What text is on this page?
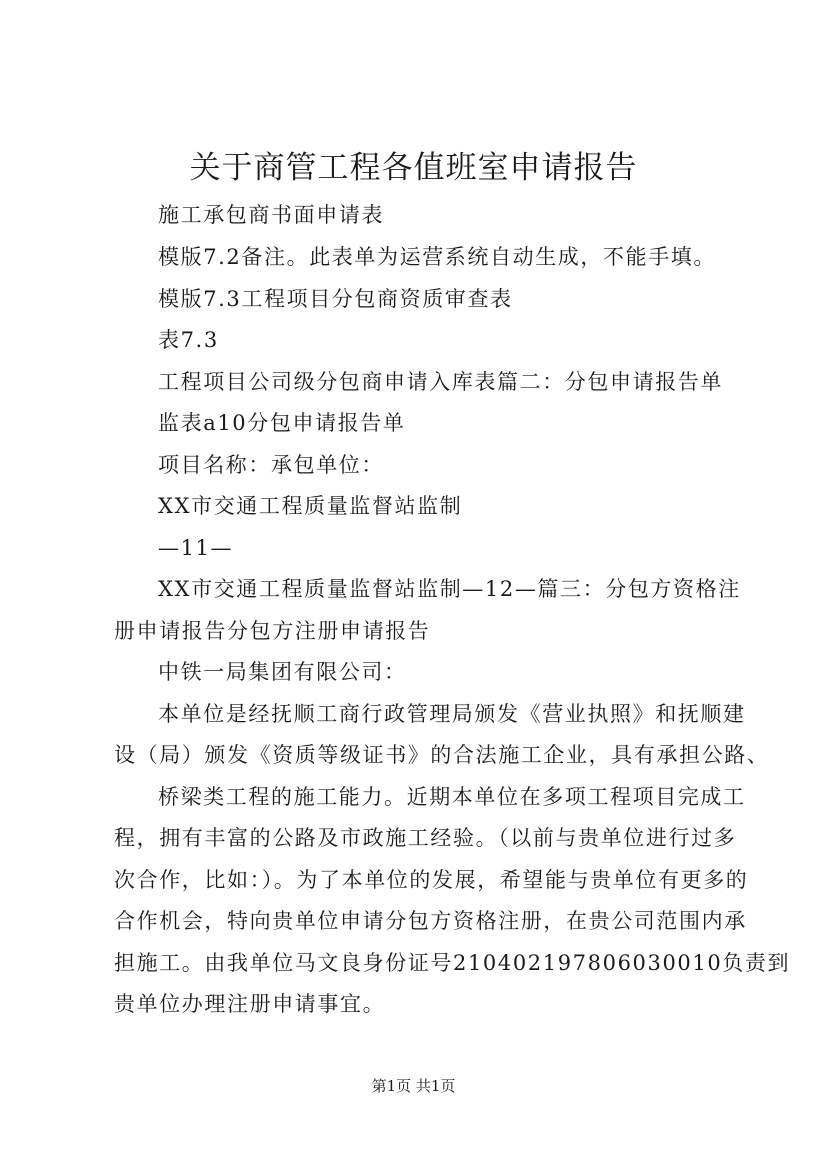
关于商管工程各值班室申请报告
施工承包商书面申请表
模版7.2备注。此表单为运营系统自动生成，不能手填。
模版7.3工程项目分包商资质审查表
表7.3
工程项目公司级分包商申请入库表篇二：分包申请报告单
监表a10分包申请报告单
项目名称：承包单位：
XX市交通工程质量监督站监制
—11—
XX市交通工程质量监督站监制—12—篇三：分包方资格注
册申请报告分包方注册申请报告
中铁一局集团有限公司：
本单位是经抚顺工商行政管理局颁发《营业执照》和抚顺建
设（局）颁发《资质等级证书》的合法施工企业，具有承担公路、
桥梁类工程的施工能力。近期本单位在多项工程项目完成工
程，拥有丰富的公路及市政施工经验。（以前与贵单位进行过多
次合作，比如：）。为了本单位的发展，希望能与贵单位有更多的
合作机会，特向贵单位申请分包方资格注册，在贵公司范围内承
担施工。由我单位马文良身份证号210402197806030010负责到
贵单位办理注册申请事宜。
第1页 共1页
